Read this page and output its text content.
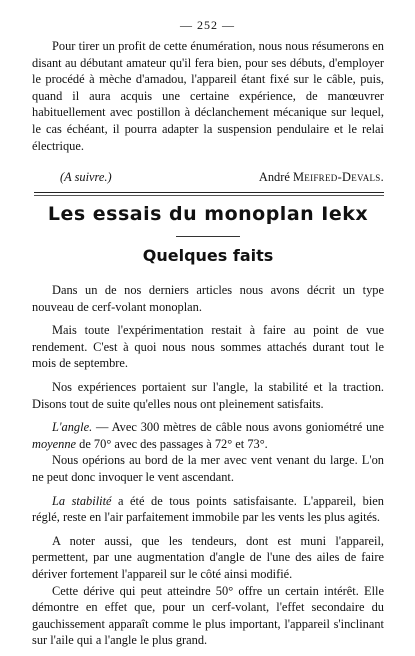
— 252 —

Pour tirer un profit de cette énumération, nous nous résumerons en disant au débutant amateur qu'il fera bien, pour ses débuts, d'employer le procédé à mèche d'amadou, l'appareil étant fixé sur le câble, puis, quand il aura acquis une certaine expérience, de manœuvrer habituellement avec postillon à déclanchement mécanique sur lequel, le cas échéant, il pourra adapter la suspension pendulaire et le relai électrique.

(A suivre.)	André Meifred-Devals.
Les essais du monoplan Iekx
Quelques faits

Dans un de nos derniers articles nous avons décrit un type nouveau de cerf-volant monoplan.

Mais toute l'expérimentation restait à faire au point de vue rendement. C'est à quoi nous nous sommes attachés durant tout le mois de septembre.

Nos expériences portaient sur l'angle, la stabilité et la traction. Disons tout de suite qu'elles nous ont pleinement satisfaits.

L'angle. — Avec 300 mètres de câble nous avons goniométré une moyenne de 70° avec des passages à 72° et 73°.

Nous opérions au bord de la mer avec vent venant du large. L'on ne peut donc invoquer le vent ascendant.

La stabilité a été de tous points satisfaisante. L'appareil, bien réglé, reste en l'air parfaitement immobile par les vents les plus agités.

A noter aussi, que les tendeurs, dont est muni l'appareil, permettent, par une augmentation d'angle de l'une des ailes de faire dériver fortement l'appareil sur le côté ainsi modifié.

Cette dérive qui peut atteindre 50° offre un certain intérêt. Elle démontre en effet que, pour un cerf-volant, l'effet secondaire du gauchissement apparaît comme le plus important, l'appareil s'inclinant sur l'aile qui a l'angle le plus grand.
